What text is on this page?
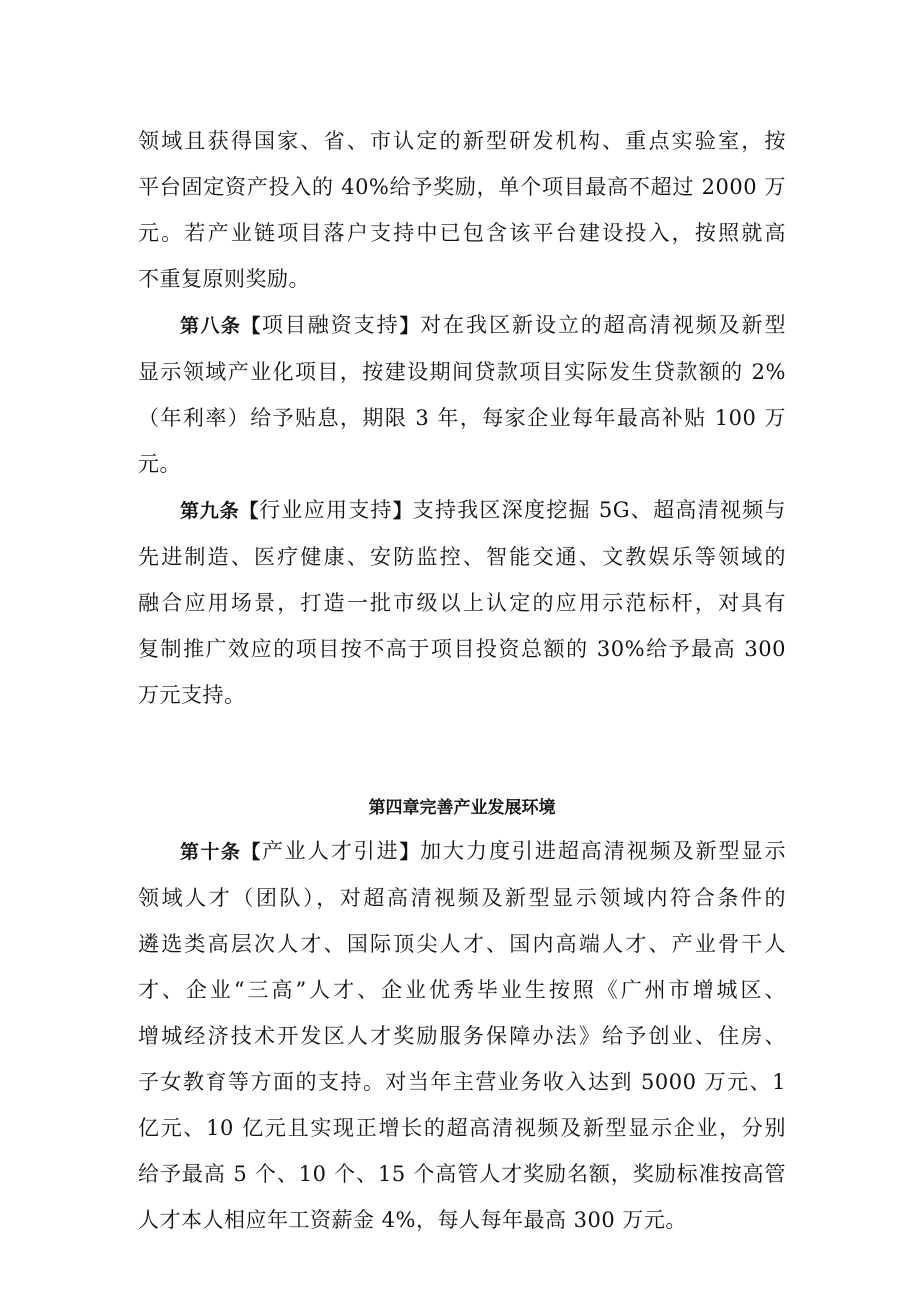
领域且获得国家、省、市认定的新型研发机构、重点实验室，按
平台固定资产投入的 40%给予奖励，单个项目最高不超过 2000 万
元。若产业链项目落户支持中已包含该平台建设投入，按照就高
不重复原则奖励。

第八条【项目融资支持】对在我区新设立的超高清视频及新型
显示领域产业化项目，按建设期间贷款项目实际发生贷款额的 2%
（年利率）给予贴息，期限 3 年，每家企业每年最高补贴 100 万
元。

第九条【行业应用支持】支持我区深度挖掘 5G、超高清视频与
先进制造、医疗健康、安防监控、智能交通、文教娱乐等领域的
融合应用场景，打造一批市级以上认定的应用示范标杆，对具有
复制推广效应的项目按不高于项目投资总额的 30%给予最高 300
万元支持。

第四章完善产业发展环境

第十条【产业人才引进】加大力度引进超高清视频及新型显示
领域人才（团队），对超高清视频及新型显示领域内符合条件的
遴选类高层次人才、国际顶尖人才、国内高端人才、产业骨干人
才、企业“三高”人才、企业优秀毕业生按照《广州市增城区、
增城经济技术开发区人才奖励服务保障办法》给予创业、住房、
子女教育等方面的支持。对当年主营业务收入达到 5000 万元、1
亿元、10 亿元且实现正增长的超高清视频及新型显示企业，分别
给予最高 5 个、10 个、15 个高管人才奖励名额，奖励标准按高管
人才本人相应年工资薪金 4%，每人每年最高 300 万元。
